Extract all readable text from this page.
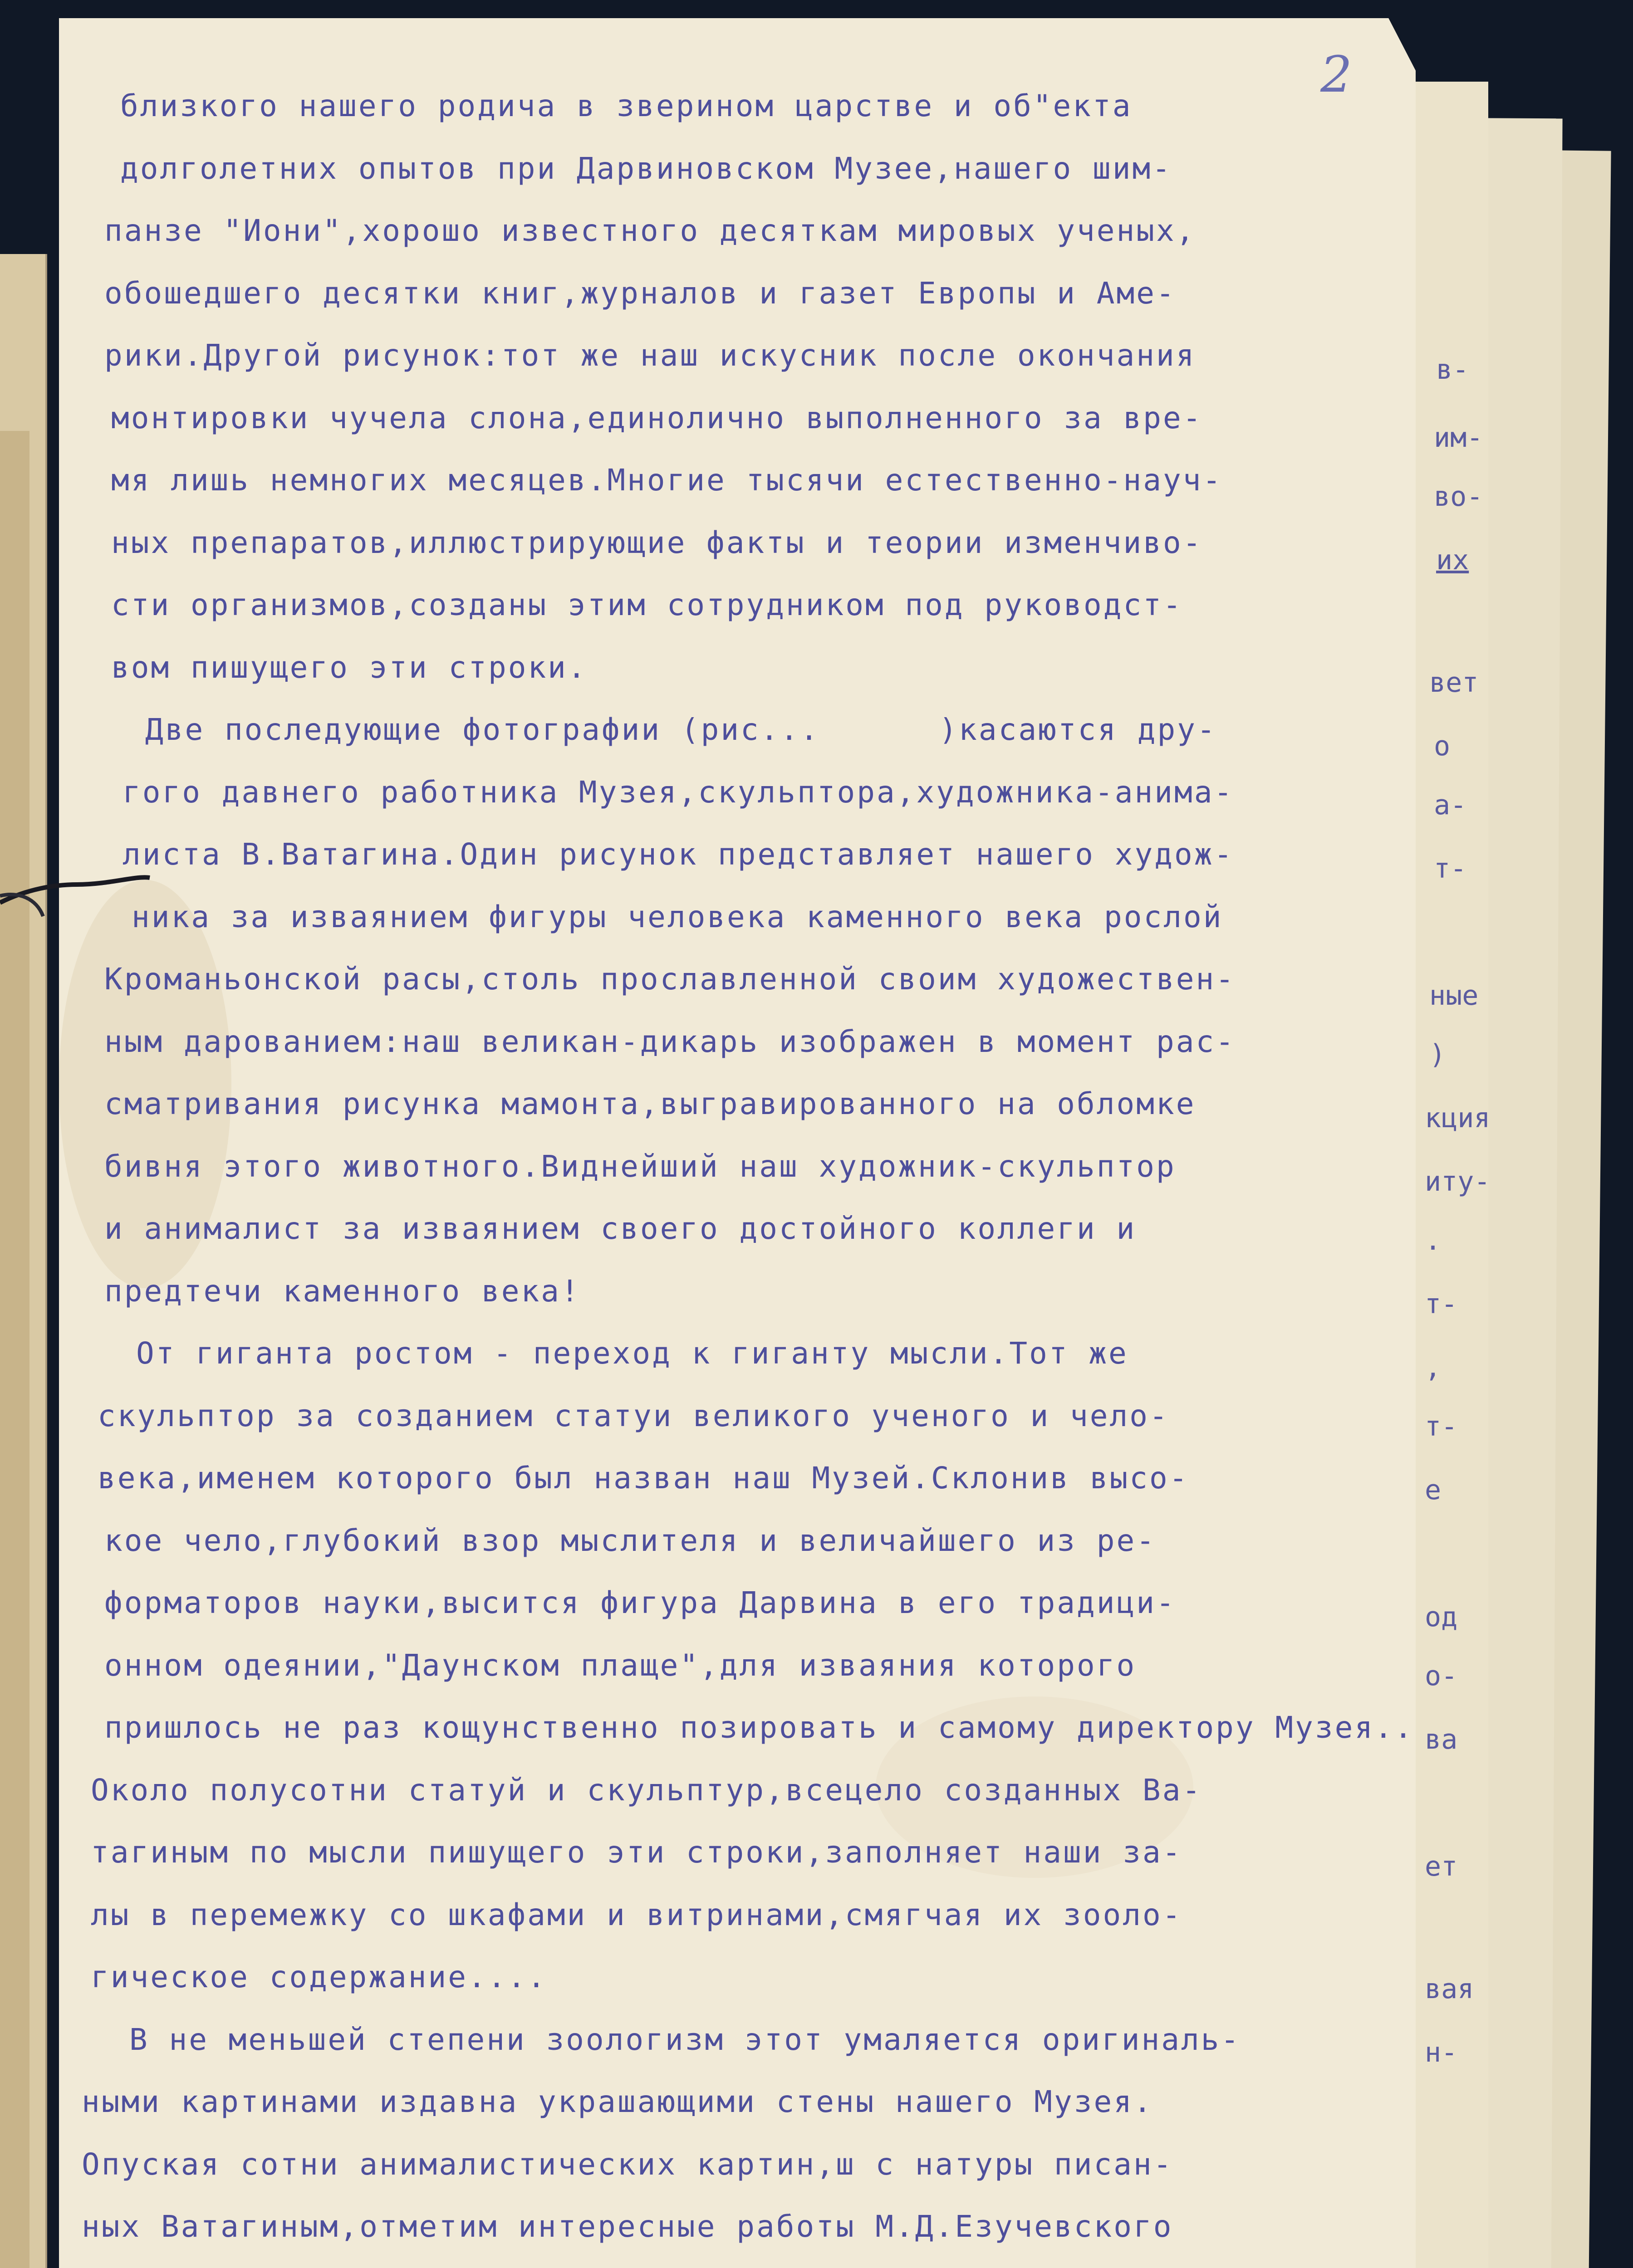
в-
им-
во-
их
вет
о
а-
т-
ные
)
кция
иту-
.
т-
,
т-
е
од
о-
ва
ет
вая
н-
близкого нашего родича в зверином царстве и об"екта
долголетних опытов при Дарвиновском Музее,нашего шим-
панзе "Иони",хорошо известного десяткам мировых ученых,
обошедшего десятки книг,журналов и газет Европы и Аме-
рики.Другой рисунок:тот же наш искусник после окончания
монтировки чучела слона,единолично выполненного за вре-
мя лишь немногих месяцев.Многие тысячи естественно-науч-
ных препаратов,иллюстрирующие факты и теории изменчиво-
сти организмов,созданы этим сотрудником под руководст-
вом пишущего эти строки.
Две последующие фотографии (рис...      )касаются дру-
гого давнего работника Музея,скульптора,художника-анима-
листа В.Ватагина.Один рисунок представляет нашего худож-
ника за изваянием фигуры человека каменного века рослой
Кроманьонской расы,столь прославленной своим художествен-
ным дарованием:наш великан-дикарь изображен в момент рас-
сматривания рисунка мамонта,выгравированного на обломке
бивня этого животного.Виднейший наш художник-скульптор
и анималист за изваянием своего достойного коллеги и
предтечи каменного века!
От гиганта ростом - переход к гиганту мысли.Тот же
скульптор за созданием статуи великого ученого и чело-
века,именем которого был назван наш Музей.Склонив высо-
кое чело,глубокий взор мыслителя и величайшего из ре-
форматоров науки,высится фигура Дарвина в его традици-
онном одеянии,"Даунском плаще",для изваяния которого
пришлось не раз кощунственно позировать и самому директору Музея..
Около полусотни статуй и скульптур,всецело созданных Ва-
тагиным по мысли пишущего эти строки,заполняет наши за-
лы в перемежку со шкафами и витринами,смягчая их зооло-
гическое содержание....
В не меньшей степени зоологизм этот умаляется оригиналь-
ными картинами издавна украшающими стены нашего Музея.
Опуская сотни анималистических картин,ш с натуры писан-
ных Ватагиным,отметим интересные работы М.Д.Езучевского
2
